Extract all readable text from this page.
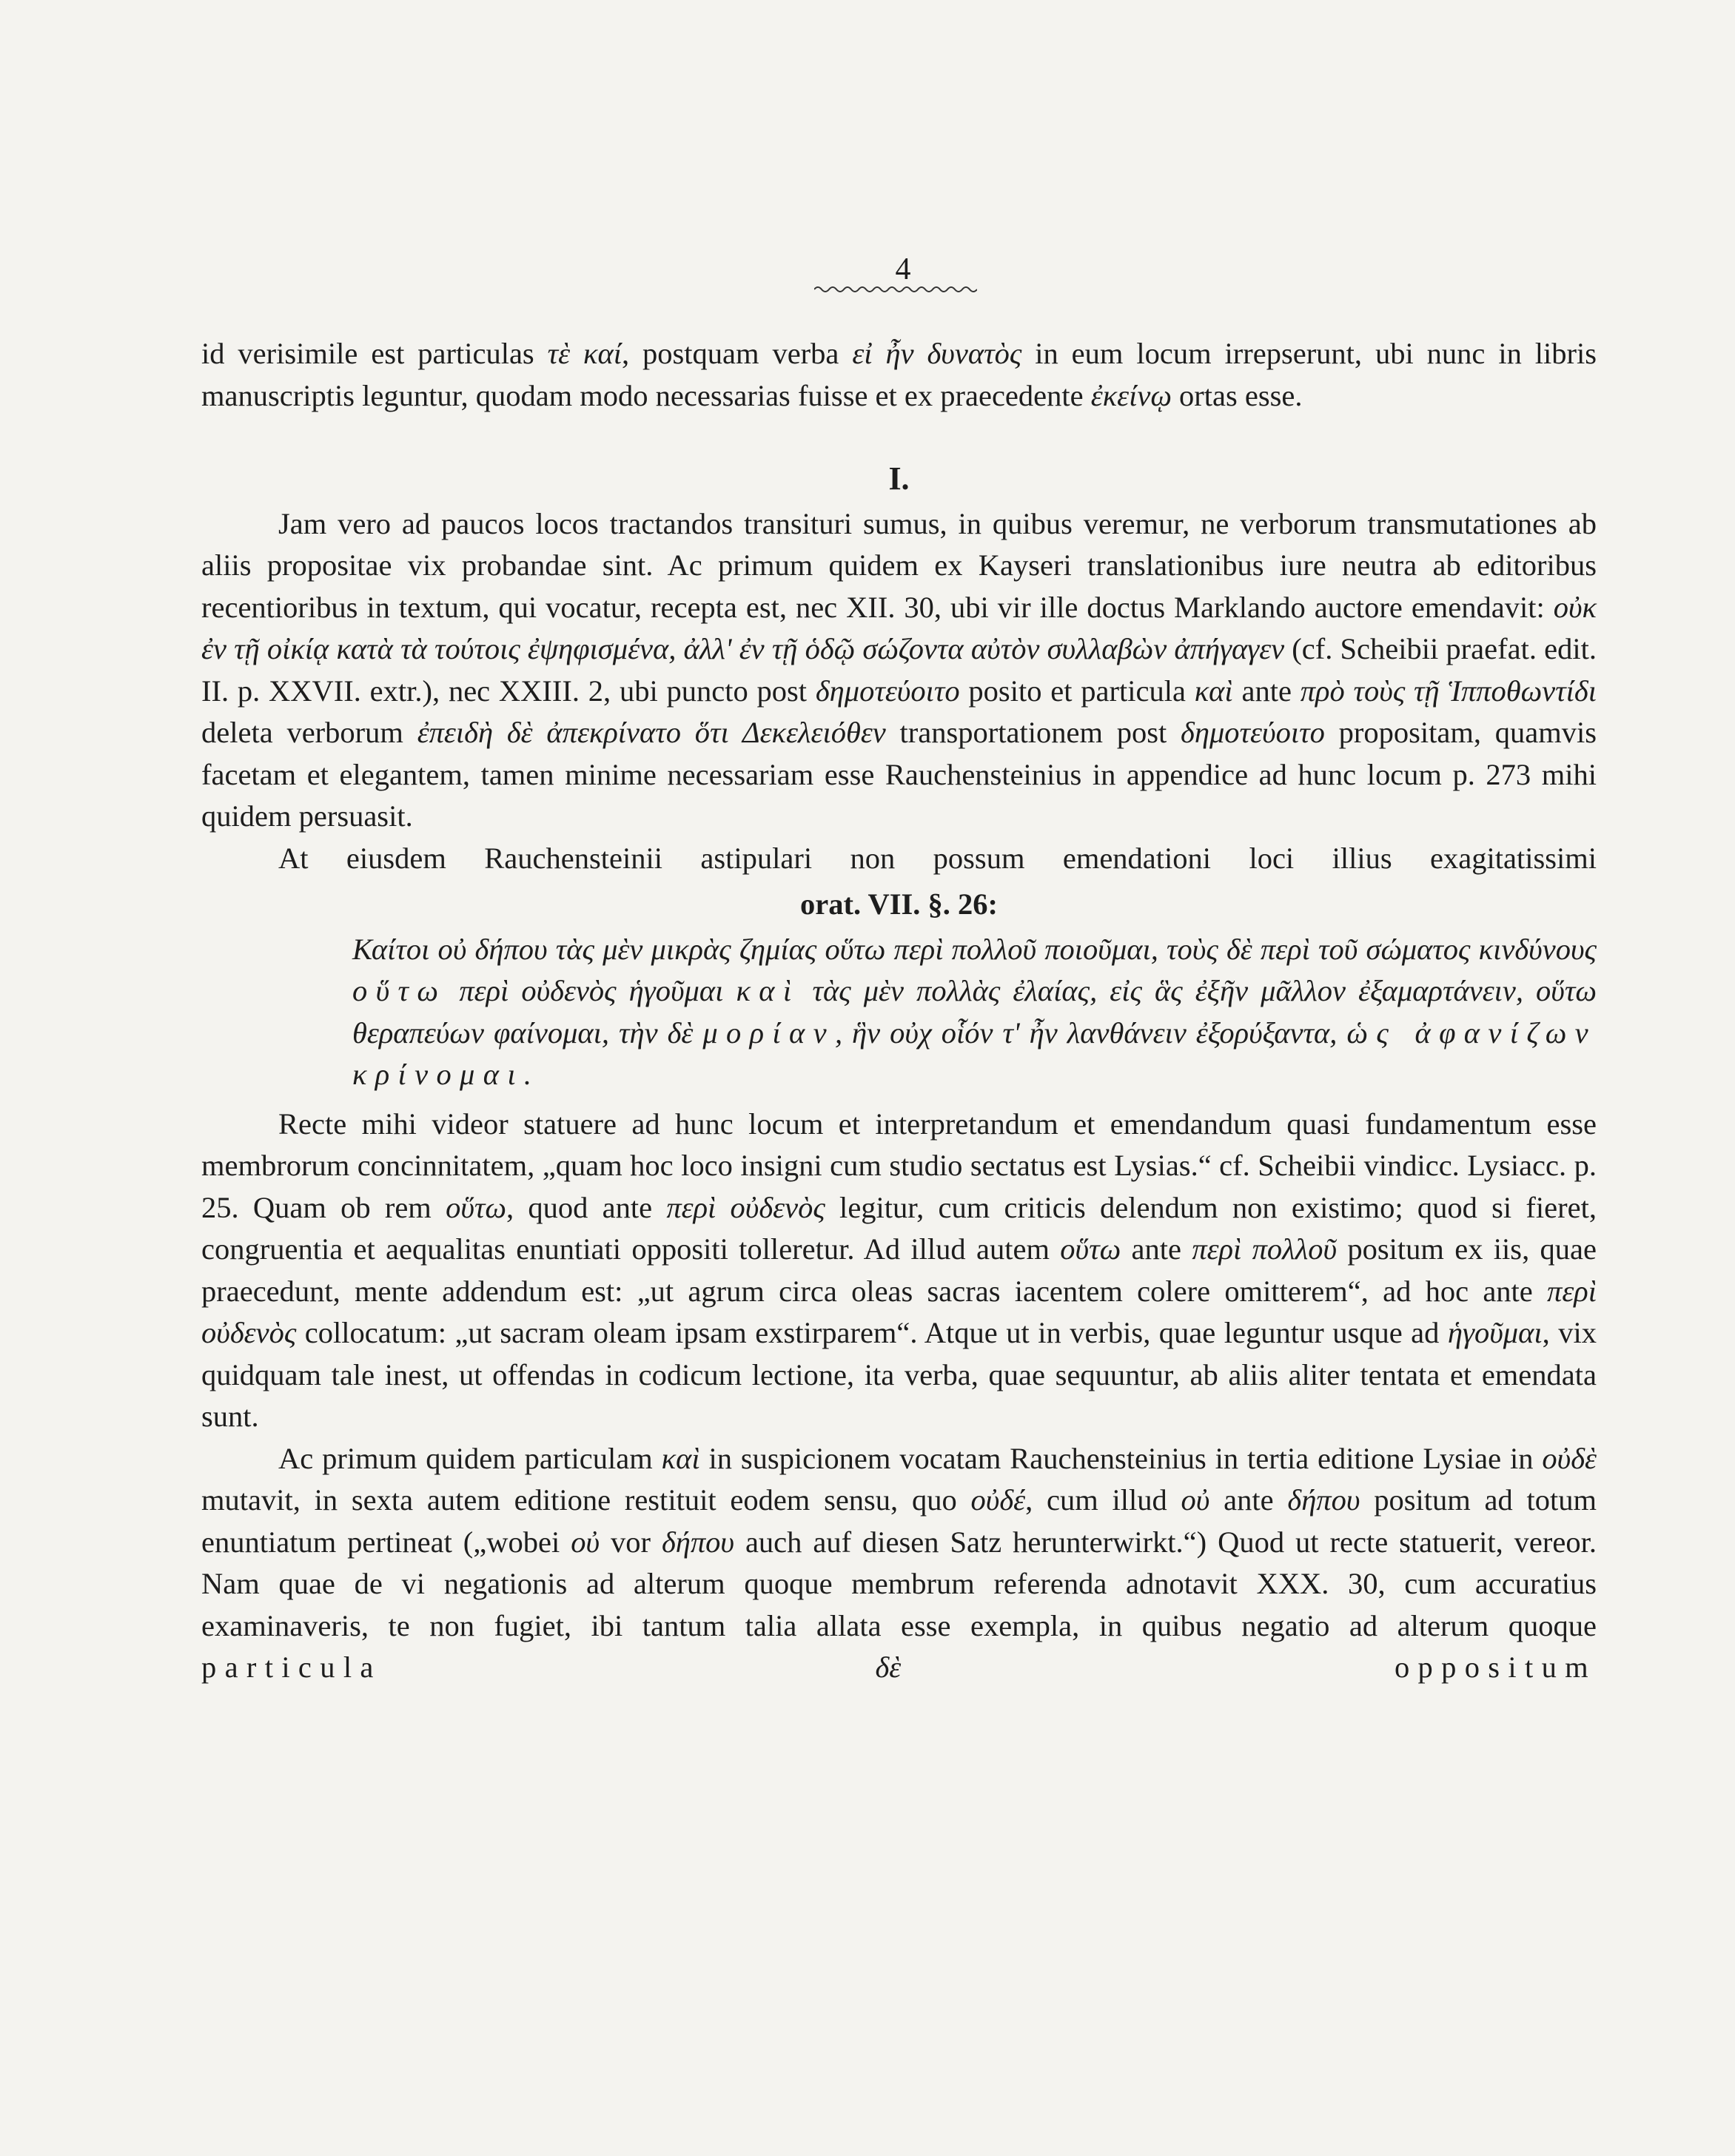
4

id verisimile est particulas τὲ καί, postquam verba εἰ ἦν δυνατὸς in eum locum irrepserunt, ubi nunc in libris manuscriptis leguntur, quodam modo necessarias fuisse et ex praecedente ἐκείνῳ ortas esse.

I.

Jam vero ad paucos locos tractandos transituri sumus, in quibus veremur, ne verborum transmutationes ab aliis propositae vix probandae sint. Ac primum quidem ex Kayseri translationibus iure neutra ab editoribus recentioribus in textum, qui vocatur, recepta est, nec XII. 30, ubi vir ille doctus Marklando auctore emendavit: οὐκ ἐν τῇ οἰκίᾳ κατὰ τὰ τούτοις ἐψηφισμένα, ἀλλ' ἐν τῇ ὁδῷ σώζοντα αὐτὸν συλλαβὼν ἀπήγαγεν (cf. Scheibii praefat. edit. II. p. XXVII. extr.), nec XXIII. 2, ubi puncto post δημοτεύοιτο posito et particula καὶ ante πρὸ τοὺς τῇ Ἱπποθωντίδι deleta verborum ἐπειδὴ δὲ ἀπεκρίνατο ὅτι Δεκελειόθεν transportationem post δημοτεύοιτο propositam, quamvis facetam et elegantem, tamen minime necessariam esse Rauchensteinius in appendice ad hunc locum p. 273 mihi quidem persuasit.

At eiusdem Rauchensteinii astipulari non possum emendationi loci illius exagitatissimi

orat. VII. §. 26:

Καίτοι οὐ δήπου τὰς μὲν μικρὰς ζημίας οὕτω περὶ πολλοῦ ποιοῦμαι, τοὺς δὲ περὶ τοῦ σώματος κινδύνους οὕτω περὶ οὐδενὸς ἡγοῦμαι καὶ τὰς μὲν πολλὰς ἐλαίας, εἰς ἃς ἐξῆν μᾶλλον ἐξαμαρτάνειν, οὕτω θεραπεύων φαίνομαι, τὴν δὲ μορίαν, ἣν οὐχ οἷόν τ' ἦν λανθάνειν ἐξορύξαντα, ὡς ἀφανίζων κρίνομαι.

Recte mihi videor statuere ad hunc locum et interpretandum et emendandum quasi fundamentum esse membrorum concinnitatem, „quam hoc loco insigni cum studio sectatus est Lysias.“ cf. Scheibii vindicc. Lysiacc. p. 25. Quam ob rem οὕτω, quod ante περὶ οὐδενὸς legitur, cum criticis delendum non existimo; quod si fieret, congruentia et aequalitas enuntiati oppositi tolleretur. Ad illud autem οὕτω ante περὶ πολλοῦ positum ex iis, quae praecedunt, mente addendum est: „ut agrum circa oleas sacras iacentem colere omitterem“, ad hoc ante περὶ οὐδενὸς collocatum: „ut sacram oleam ipsam exstirparem“. Atque ut in verbis, quae leguntur usque ad ἡγοῦμαι, vix quidquam tale inest, ut offendas in codicum lectione, ita verba, quae sequuntur, ab aliis aliter tentata et emendata sunt.

Ac primum quidem particulam καὶ in suspicionem vocatam Rauchensteinius in tertia editione Lysiae in οὐδὲ mutavit, in sexta autem editione restituit eodem sensu, quo οὐδέ, cum illud οὐ ante δήπου positum ad totum enuntiatum pertineat („wobei οὐ vor δήπου auch auf diesen Satz herunterwirkt.“) Quod ut recte statuerit, vereor. Nam quae de vi negationis ad alterum quoque membrum referenda adnotavit XXX. 30, cum accuratius examinaveris, te non fugiet, ibi tantum talia allata esse exempla, in quibus negatio ad alterum quoque particula	δὲ	oppositum
